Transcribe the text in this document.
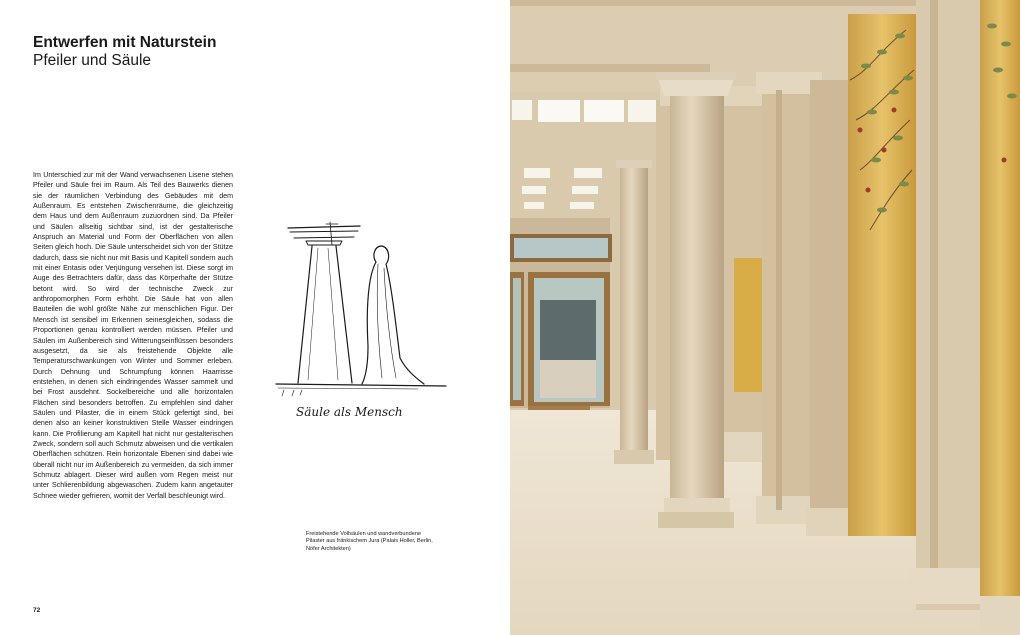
Entwerfen mit Naturstein
Pfeiler und Säule
Im Unterschied zur mit der Wand verwachsenen Lisene stehen Pfeiler und Säule frei im Raum. Als Teil des Bauwerks dienen sie der räumlichen Verbindung des Gebäudes mit dem Außenraum. Es entstehen Zwischenräume, die gleichzeitig dem Haus und dem Außenraum zuzuordnen sind. Da Pfeiler und Säulen allseitig sichtbar sind, ist der gestalterische Anspruch an Material und Form der Oberflächen von allen Seiten gleich hoch. Die Säule unterscheidet sich von der Stütze dadurch, dass sie nicht nur mit Basis und Kapitell sondern auch mit einer Entasis oder Verjüngung versehen ist. Diese sorgt im Auge des Betrachters dafür, dass das Körperhafte der Stütze betont wird. So wird der technische Zweck zur anthropomorphen Form erhöht. Die Säule hat von allen Bauteilen die wohl größte Nähe zur menschlichen Figur. Der Mensch ist sensibel im Erkennen seinesgleichen, sodass die Proportionen genau kontrolliert werden müssen. Pfeiler und Säulen im Außenbereich sind Witterungseinflüssen besonders ausgesetzt, da sie als freistehende Objekte alle Temperaturschwankungen von Winter und Sommer erleben. Durch Dehnung und Schrumpfung können Haarrisse entstehen, in denen sich eindringendes Wasser sammelt und bei Frost ausdehnt. Sockelbereiche und alle horizontalen Flächen sind besonders betroffen. Zu empfehlen sind daher Säulen und Pilaster, die in einem Stück gefertigt sind, bei denen also an keiner konstruktiven Stelle Wasser eindringen kann. Die Profilierung am Kapitell hat nicht nur gestalterischen Zweck, sondern soll auch Schmutz abweisen und die vertikalen Oberflächen schützen. Rein horizontale Ebenen sind dabei wie überall nicht nur im Außenbereich zu vermeiden, da sich immer Schmutz ablagert. Dieser wird außen vom Regen meist nur unter Schlierenbildung abgewaschen. Zudem kann angetauter Schnee wieder gefrieren, womit der Verfall beschleunigt wird.
Säule als Mensch
Freistehende Vollsäulen und wandverbundene Pilaster aus fränkischem Jura (Palais Holler, Berlin, Nöfer Architekten)
72
